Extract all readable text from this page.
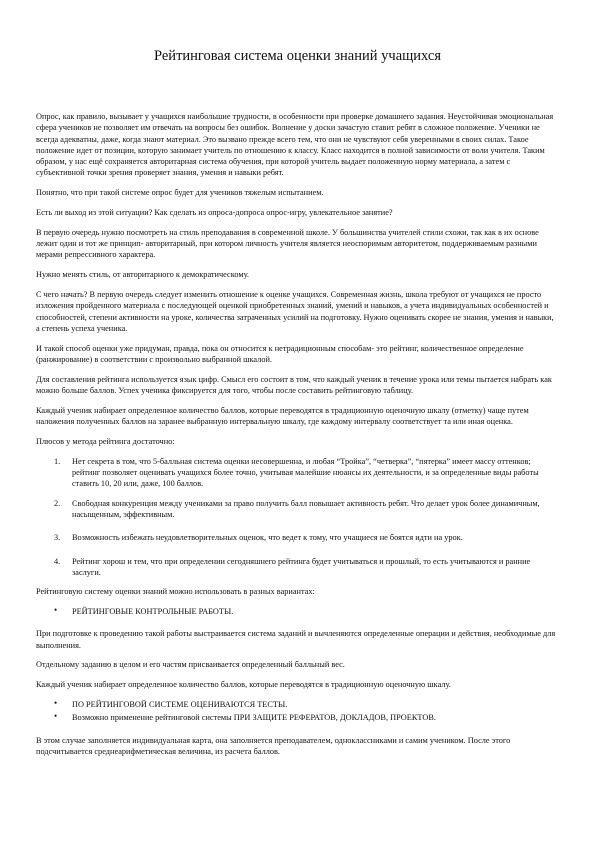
Рейтинговая система оценки знаний учащихся

Опрос, как правило, вызывает у учащихся наибольшие трудности, в особенности при проверке домашнего задания. Неустойчивая эмоциональная сфера учеников не позволяет им отвечать на вопросы без ошибок. Волнение у доски зачастую ставит ребят в сложное положение. Ученики не всегда адекватны, даже, когда знают материал. Это вызвано прежде всего тем, что они не чувствуют себя уверенными в своих силах. Такое положение идет от позиции, которую занимает учитель по отношению к классу. Класс находится в полной зависимости от воли учителя. Таким образом, у нас ещё сохраняется авторитарная система обучения, при которой учитель выдает положенную норму материала, а затем с субъективной точки зрения проверяет знания, умения и навыки ребят.

Понятно, что при такой системе опрос будет для учеников тяжелым испытанием.

Есть ли выход из этой ситуации? Как сделать из опроса-допроса опрос-игру, увлекательное занятие?

В первую очередь нужно посмотреть на стиль преподавания в современной школе. У большинства учителей стили схожи, так как в их основе лежит один и тот же принцип- авторитарный, при котором личность учителя является неоспоримым авторитетом, поддерживаемым разными мерами репрессивного характера.

Нужно менять стиль, от авторитарного к демократическому.

С чего начать? В первую очередь следует изменить отношение к оценке учащихся. Современная жизнь, школа требуют от учащихся не просто изложения пройденного материала с последующей оценкой приобретенных знаний, умений и навыков, а учета индивидуальных особенностей и способностей, степени активности на уроке, количества затраченных усилий на подготовку. Нужно оценивать скорее не знания, умения и навыки, а степень успеха ученика.

И такой способ оценки уже придуман, правда, пока он относится к нетрадиционным способам- это рейтинг, количественное определение (ранжирование) в соответствии с произвольно выбранной шкалой.

Для составления рейтинга используется язык цифр. Смысл его состоит в том, что каждый ученик в течение урока или темы пытается набрать как можно больше баллов. Успех ученика фиксируется для того, чтобы после составить рейтинговую таблицу.

Каждый ученик набирает определенное количество баллов, которые переводятся в традиционную оценочную шкалу (отметку) чаще путем наложения полученных баллов на заранее выбранную интервальную шкалу, где каждому интервалу соответствует та или иная оценка.

Плюсов у метода рейтинга достаточно:

1. Нет секрета в том, что 5-балльная система оценки несовершенна, и любая “Тройка”, “четверка”, “пятерка” имеет массу оттенков; рейтинг позволяет оценивать учащихся более точно, учитывая малейшие нюансы их деятельности, и за определенные виды работы ставить 10, 20 или, даже, 100 баллов.
2. Свободная конкуренция между учениками за право получить балл повышает активность ребят. Что делает урок более динамичным, насыщенным, эффективным.
3. Возможность избежать неудовлетворительных оценок, что ведет к тому, что учащиеся не боятся идти на урок.
4. Рейтинг хорош и тем, что при определении сегодняшнего рейтинга будет учитываться и прошлый, то есть учитываются и ранние заслуги.

Рейтинговую систему оценки знаний можно использовать в разных вариантах:

• РЕЙТИНГОВЫЕ КОНТРОЛЬНЫЕ РАБОТЫ.

При подготовке к проведению такой работы выстраивается система заданий и вычленяются определенные операции и действия, необходимые для выполнения.

Отдельному заданию в целом и его частям присваивается определенный балльный вес.

Каждый ученик набирает определенное количество баллов, которые переводятся в традиционную оценочную шкалу.

• ПО РЕЙТИНГОВОЙ СИСТЕМЕ ОЦЕНИВАЮТСЯ ТЕСТЫ.
• Возможно применение рейтинговой системы ПРИ ЗАЩИТЕ РЕФЕРАТОВ, ДОКЛАДОВ, ПРОЕКТОВ.

В этом случае заполняется индивидуальная карта, она заполняется преподавателем, одноклассниками и самим учеником. После этого подсчитывается среднеарифметическая величина, из расчета баллов.
